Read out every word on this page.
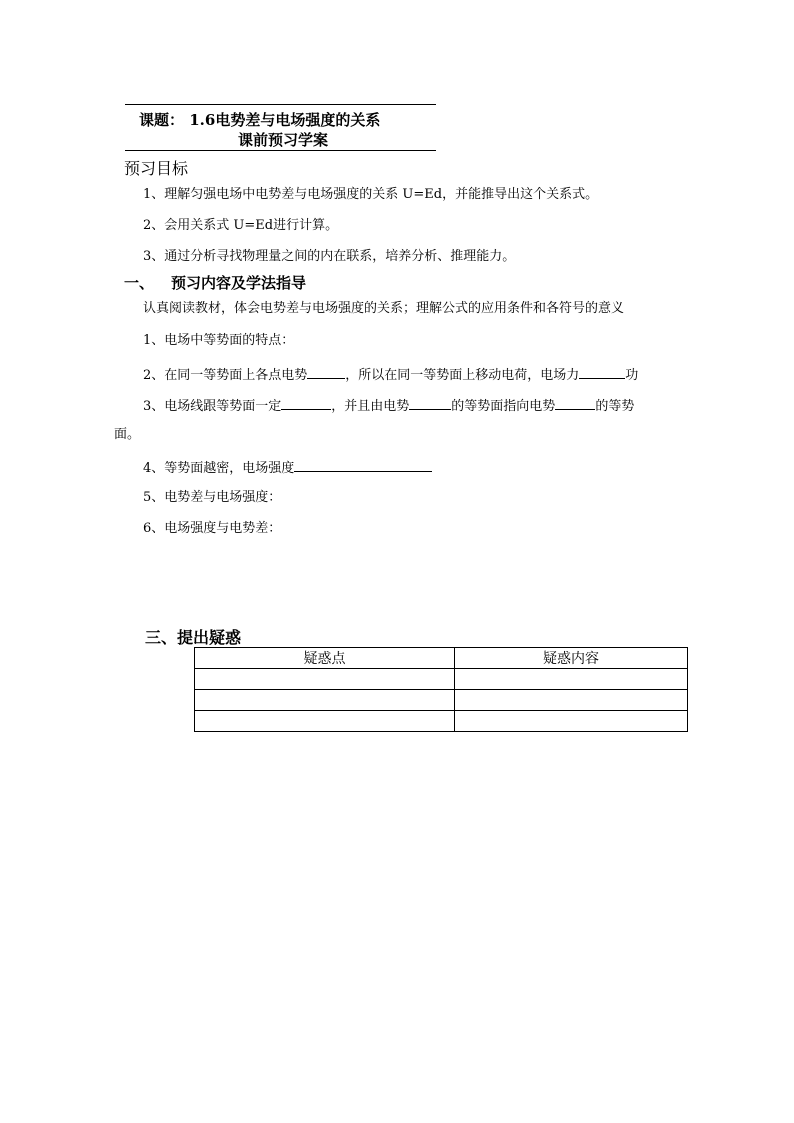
课题： 1.6电势差与电场强度的关系
课前预习学案
预习目标
1、理解匀强电场中电势差与电场强度的关系 U=Ed，并能推导出这个关系式。
2、会用关系式 U=Ed进行计算。
3、通过分析寻找物理量之间的内在联系，培养分析、推理能力。
一、 预习内容及学法指导
认真阅读教材，体会电势差与电场强度的关系；理解公式的应用条件和各符号的意义
1、电场中等势面的特点：
2、在同一等势面上各点电势	，所以在同一等势面上移动电荷，电场力	功
3、电场线跟等势面一定	，并且由电势	的等势面指向电势	的等势
面。
4、等势面越密，电场强度
5、电势差与电场强度：
6、电场强度与电势差：
三、提出疑惑
疑惑点	疑惑内容
